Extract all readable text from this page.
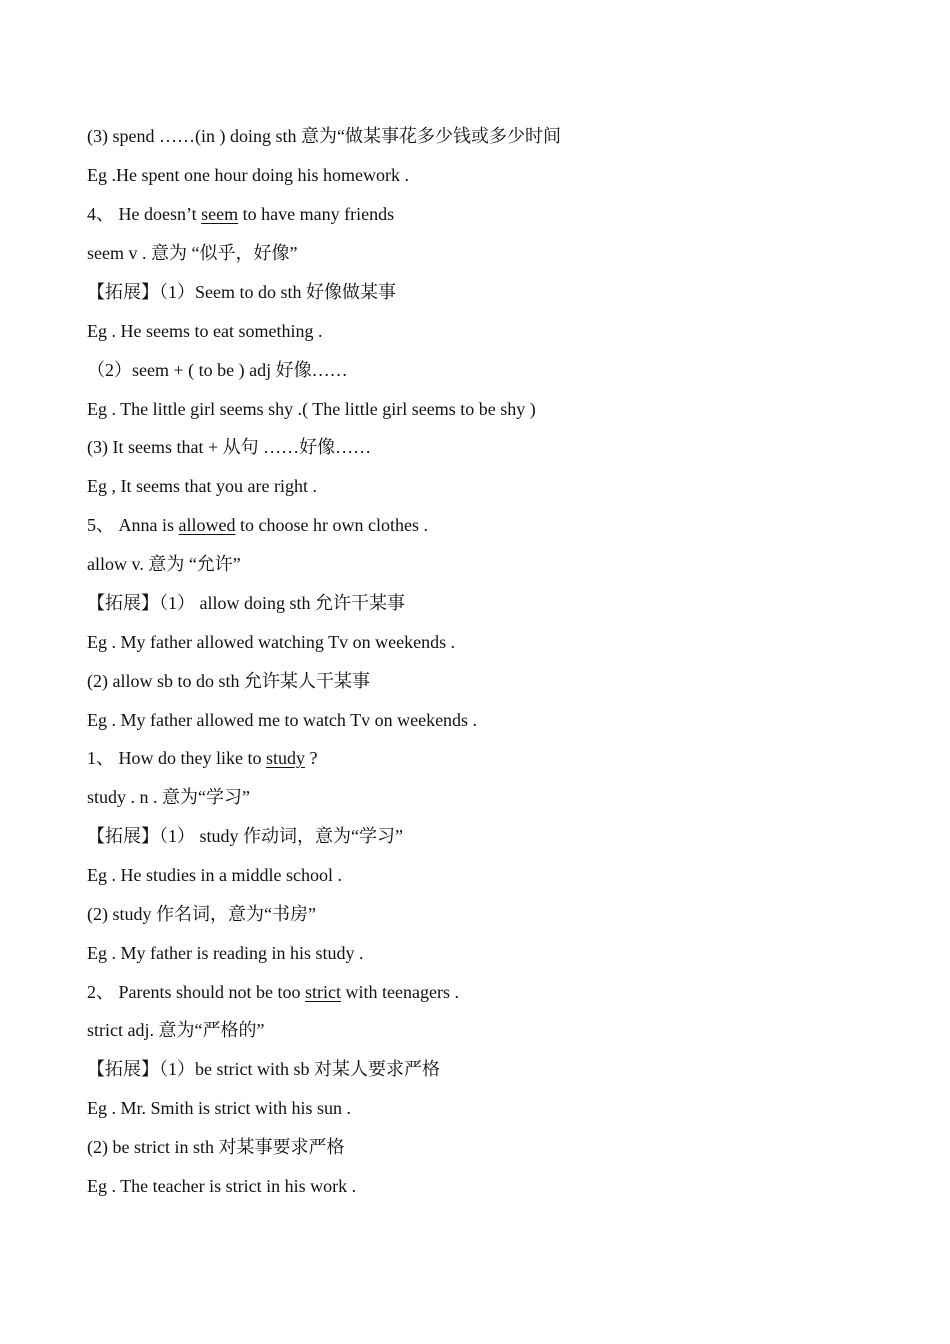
(3) spend ……(in ) doing sth 意为“做某事花多少钱或多少时间
Eg .He spent one hour doing his homework .
4、 He doesn’t seem to have many friends
seem v . 意为 “似乎，好像”
【拓展】（1）Seem to do sth 好像做某事
Eg . He seems to eat something .
（2）seem + ( to be ) adj 好像……
Eg . The little girl seems shy .( The little girl seems to be shy )
(3) It seems that + 从句 ……好像……
Eg , It seems that you are right .
5、 Anna is allowed to choose hr own clothes .
allow v. 意为 “允许”
【拓展】（1） allow doing sth 允许干某事
Eg . My father allowed watching Tv on weekends .
(2) allow sb to do sth 允许某人干某事
Eg . My father allowed me to watch Tv on weekends .
1、 How do they like to study ?
study . n . 意为“学习”
【拓展】（1） study 作动词，意为“学习”
Eg . He studies in a middle school .
(2) study 作名词，意为“书房”
Eg . My father is reading in his study .
2、 Parents should not be too strict with teenagers .
strict adj. 意为“严格的”
【拓展】（1）be strict with sb 对某人要求严格
Eg . Mr. Smith is strict with his sun .
(2) be strict in sth 对某事要求严格
Eg . The teacher is strict in his work .
